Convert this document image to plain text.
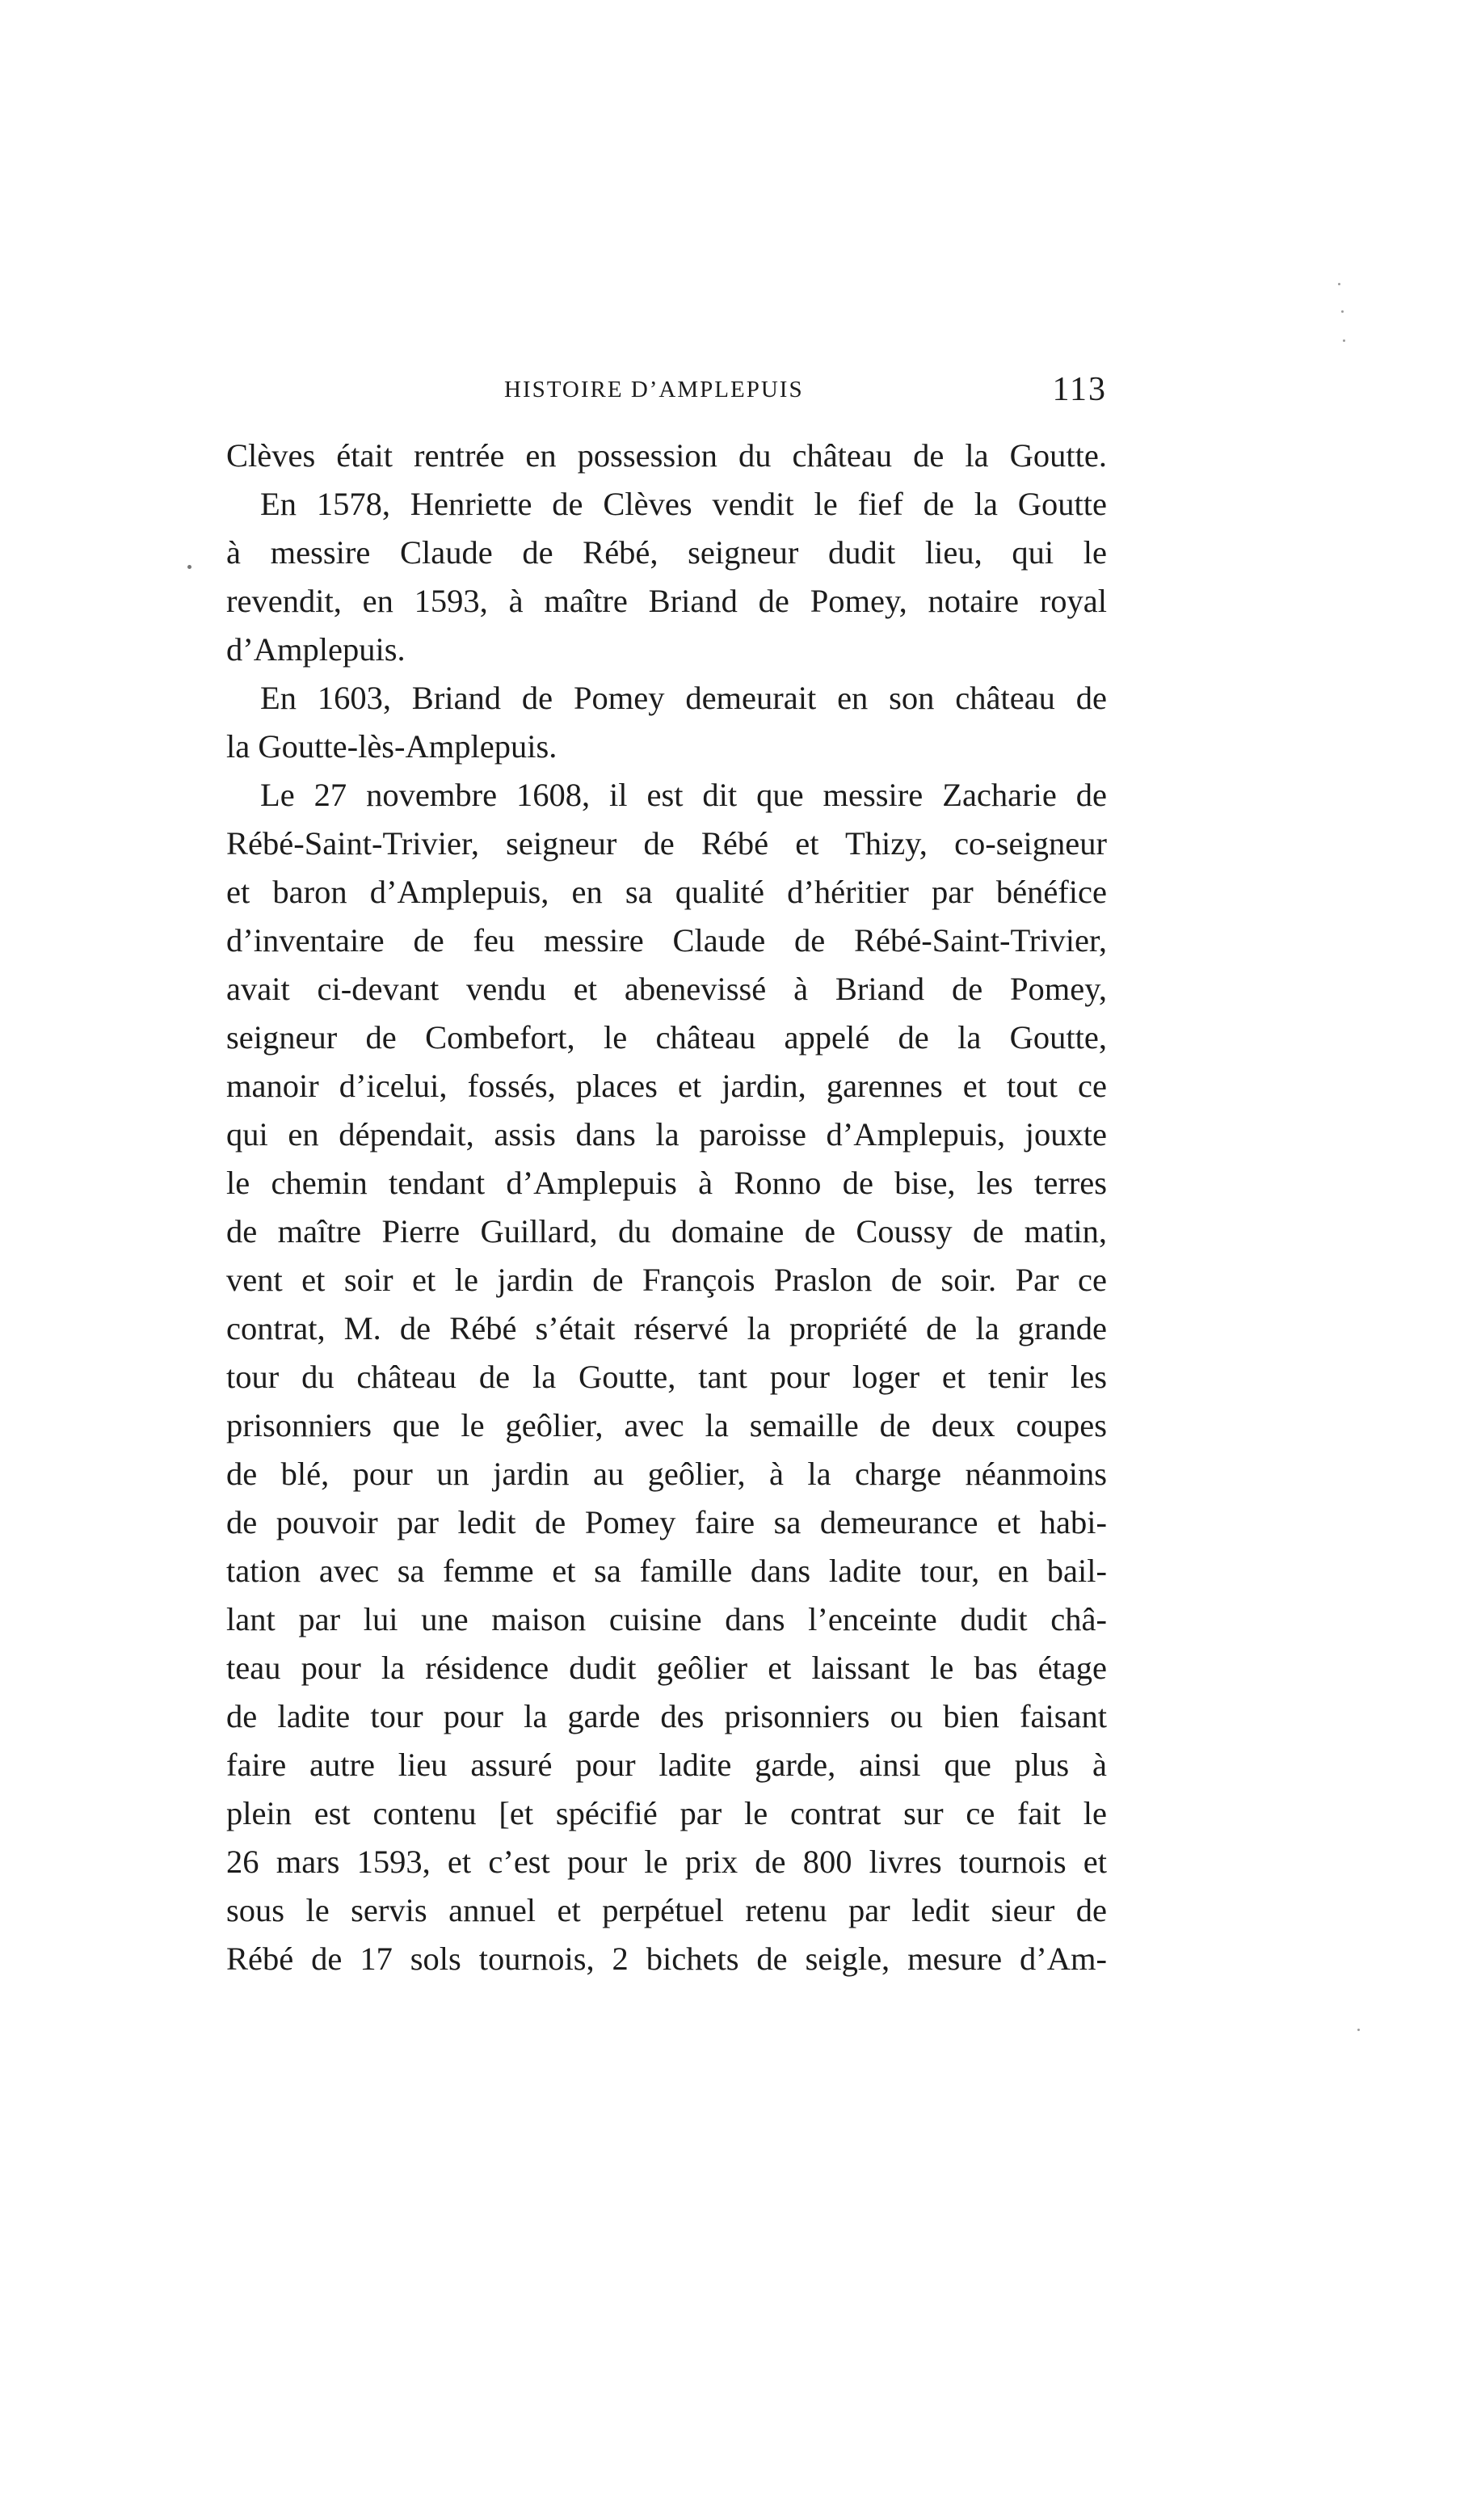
HISTOIRE D’AMPLEPUIS	113
Clèves était rentrée en possession du château de la Goutte.
En 1578, Henriette de Clèves vendit le fief de la Goutte
à messire Claude de Rébé, seigneur dudit lieu, qui le
revendit, en 1593, à maître Briand de Pomey, notaire royal
d’Amplepuis.
En 1603, Briand de Pomey demeurait en son château de
la Goutte-lès-Amplepuis.
Le 27 novembre 1608, il est dit que messire Zacharie de
Rébé-Saint-Trivier, seigneur de Rébé et Thizy, co-seigneur
et baron d’Amplepuis, en sa qualité d’héritier par bénéfice
d’inventaire de feu messire Claude de Rébé-Saint-Trivier,
avait ci-devant vendu et abenevissé à Briand de Pomey,
seigneur de Combefort, le château appelé de la Goutte,
manoir d’icelui, fossés, places et jardin, garennes et tout ce
qui en dépendait, assis dans la paroisse d’Amplepuis, jouxte
le chemin tendant d’Amplepuis à Ronno de bise, les terres
de maître Pierre Guillard, du domaine de Coussy de matin,
vent et soir et le jardin de François Praslon de soir. Par ce
contrat, M. de Rébé s’était réservé la propriété de la grande
tour du château de la Goutte, tant pour loger et tenir les
prisonniers que le geôlier, avec la semaille de deux coupes
de blé, pour un jardin au geôlier, à la charge néanmoins
de pouvoir par ledit de Pomey faire sa demeurance et habi-
tation avec sa femme et sa famille dans ladite tour, en bail-
lant par lui une maison cuisine dans l’enceinte dudit châ-
teau pour la résidence dudit geôlier et laissant le bas étage
de ladite tour pour la garde des prisonniers ou bien faisant
faire autre lieu assuré pour ladite garde, ainsi que plus à
plein est contenu [et spécifié par le contrat sur ce fait le
26 mars 1593, et c’est pour le prix de 800 livres tournois et
sous le servis annuel et perpétuel retenu par ledit sieur de
Rébé de 17 sols tournois, 2 bichets de seigle, mesure d’Am-
